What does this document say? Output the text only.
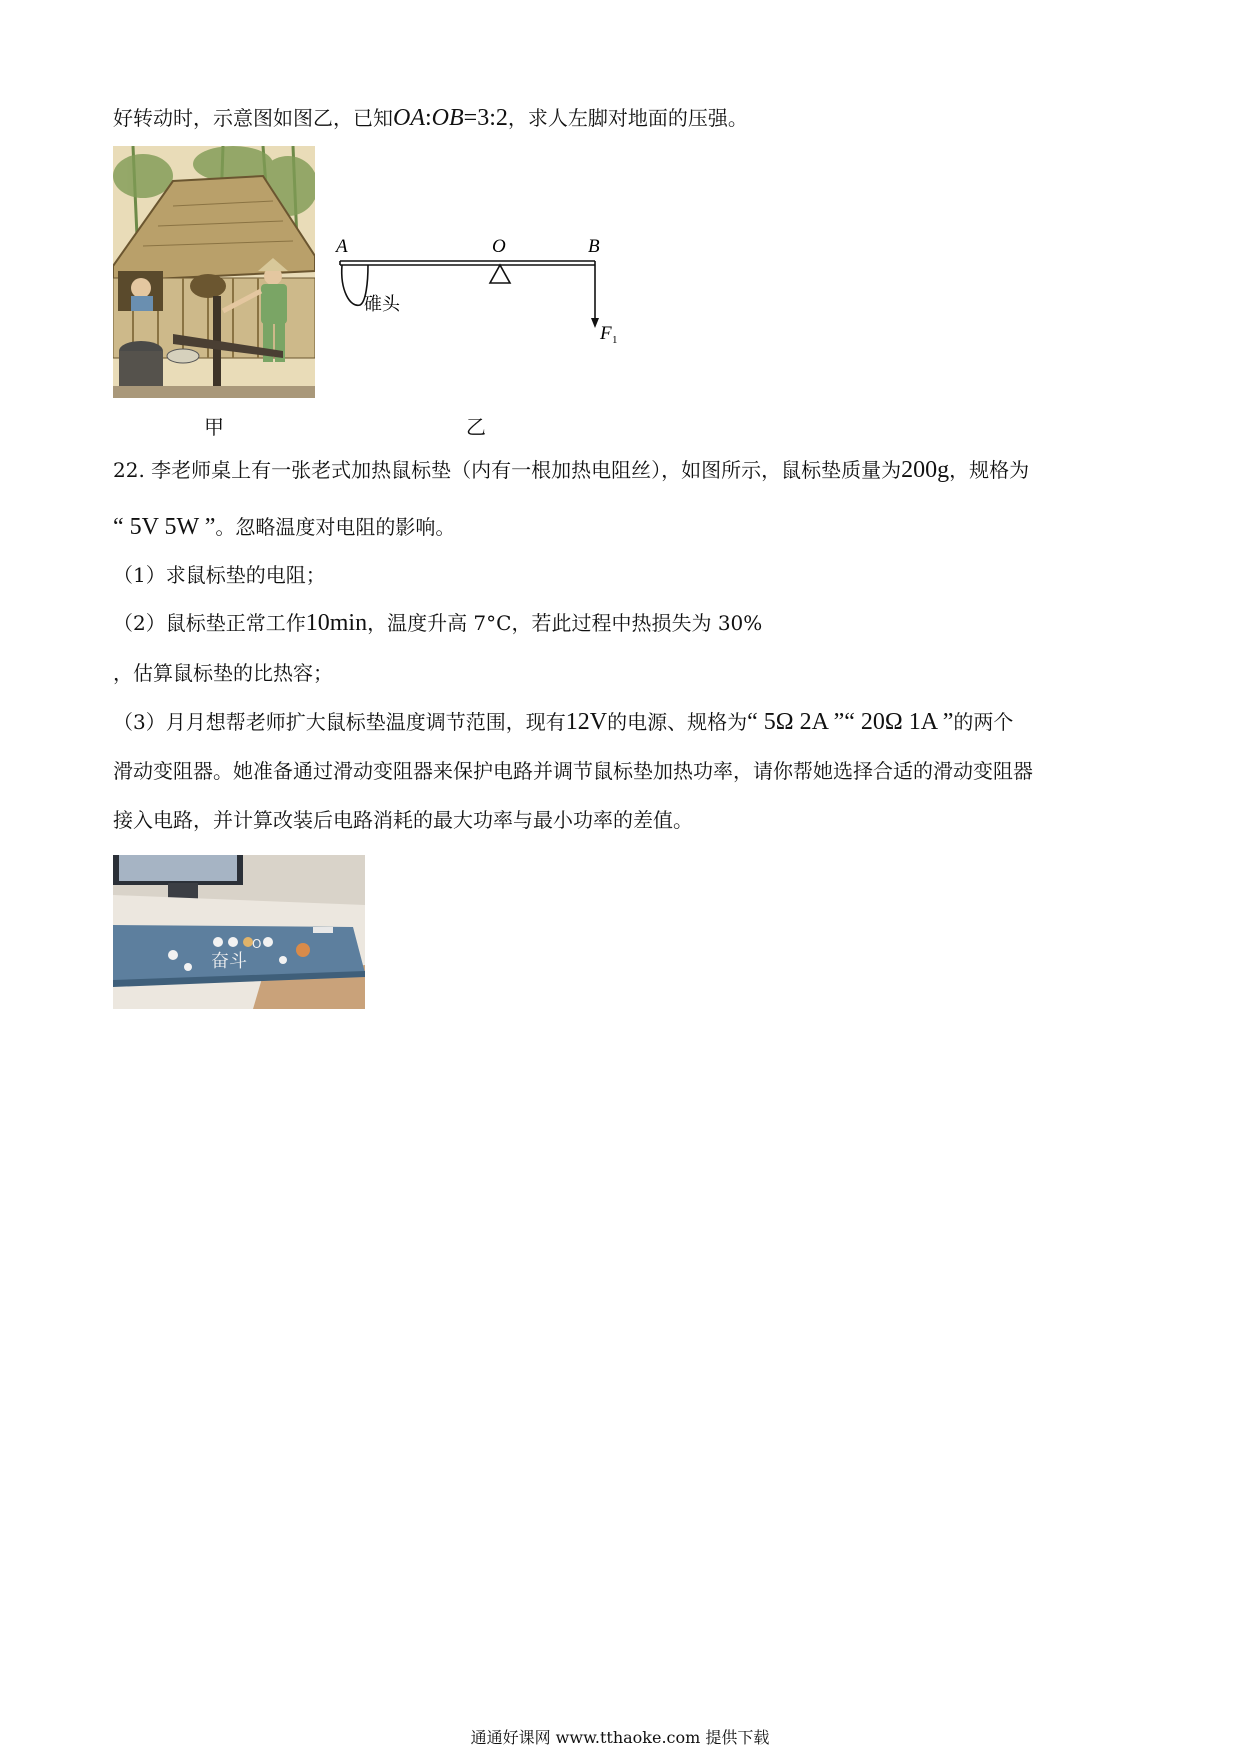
好转动时，示意图如图乙，已知OA:OB=3:2，求人左脚对地面的压强。
A	O	B
F 1
碓头
甲	乙
22. 李老师桌上有一张老式加热鼠标垫（内有一根加热电阻丝），如图所示，鼠标垫质量为200g，规格为
“ 5V 5W ”。忽略温度对电阻的影响。
（1）求鼠标垫的电阻；
（2）鼠标垫正常工作10min，温度升高 7°C，若此过程中热损失为 30%
，估算鼠标垫的比热容；
（3）月月想帮老师扩大鼠标垫温度调节范围，现有12V的电源、规格为“ 5Ω 2A ”“ 20Ω 1A ”的两个
滑动变阻器。她准备通过滑动变阻器来保护电路并调节鼠标垫加热功率，请你帮她选择合适的滑动变阻器
接入电路，并计算改装后电路消耗的最大功率与最小功率的差值。
奋斗
O
通通好课网 www.tthaoke.com 提供下载
